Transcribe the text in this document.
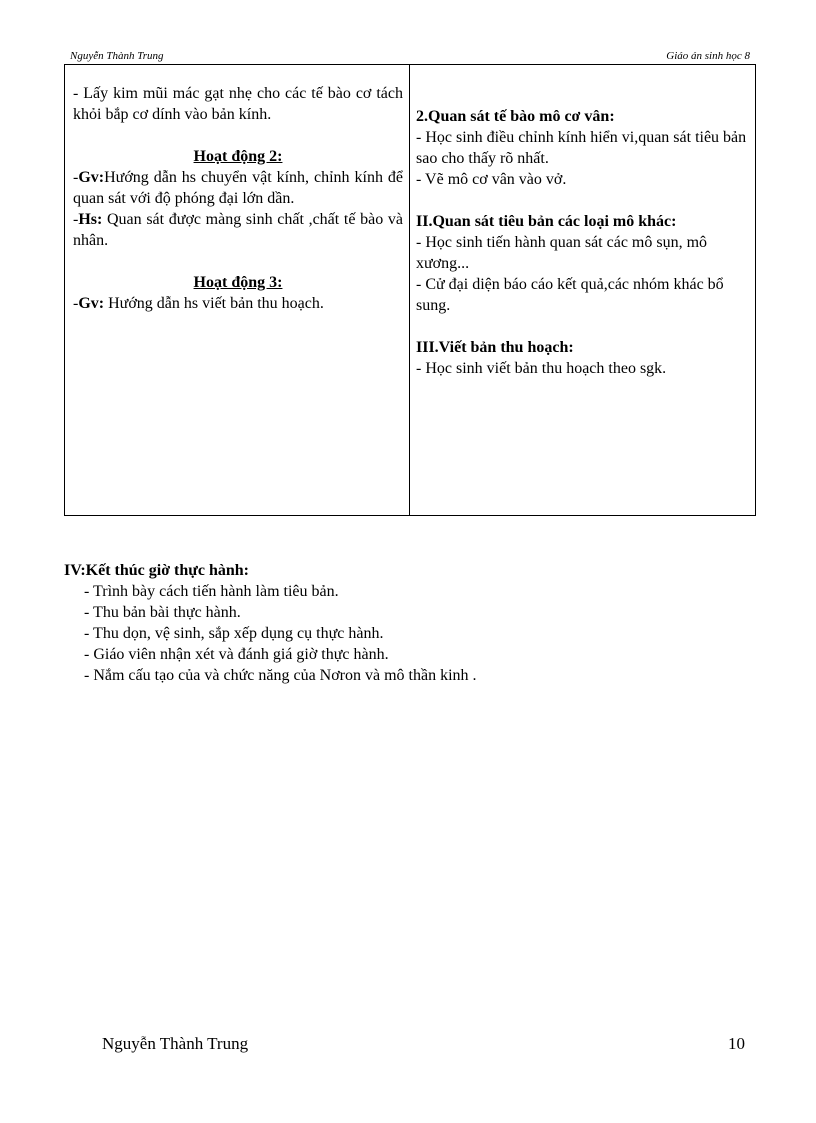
Nguyễn Thành Trung	Giáo án sinh học 8
- Lấy kim mũi mác gạt nhẹ cho các tế bào cơ tách khỏi bắp cơ dính vào bản kính.
Hoạt động 2:
-Gv:Hướng dẫn hs chuyển vật kính, chỉnh kính để quan sát với độ phóng đại lớn dần.
-Hs: Quan sát được màng sinh chất ,chất tế bào và nhân.
Hoạt động 3:
-Gv: Hướng dẫn hs viết bản thu hoạch.

2.Quan sát tế bào mô cơ vân:
- Học sinh điều chỉnh kính hiển vi,quan sát tiêu bản sao cho thấy rõ nhất.
- Vẽ mô cơ vân vào vở.
II.Quan sát tiêu bản các loại mô khác:
- Học sinh tiến hành quan sát các mô sụn, mô xương...
- Cử đại diện báo cáo kết quả,các nhóm khác bổ sung.
III.Viết bản thu hoạch:
- Học sinh viết bản thu hoạch theo sgk.
IV:Kết thúc giờ thực hành:
- Trình bày cách tiến hành làm tiêu bản.
- Thu bản bài thực hành.
- Thu dọn, vệ sinh, sắp xếp dụng cụ thực hành.
- Giáo viên nhận xét và đánh giá giờ thực hành.
- Nắm cấu tạo của và chức năng của Nơron và mô thần kinh .
Nguyễn Thành Trung	10
